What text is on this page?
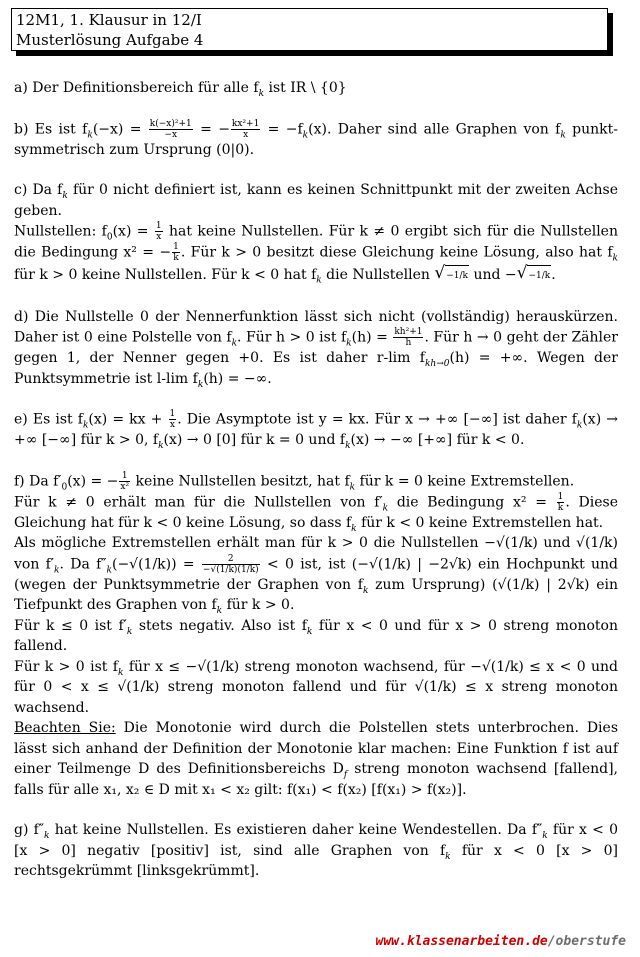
12M1, 1. Klausur in 12/I
Musterlösung Aufgabe 4

a) Der Definitionsbereich für alle $f_k$ ist IR \ {0}

b) Es ist $f_k(-x) = \frac{\text{k(−x)²+1}}{-x}$ = − $\frac{\text{kx²+1}}{x} = -f_k(x)$. Daher sind alle Graphen von $f_k$ punkt-symmetrisch zum Ursprung (0|0).

c) Da $f_k$ für 0 nicht definiert ist, kann es keinen Schnittpunkt mit der zweiten Achse geben.
Nullstellen: $f_0(x) = \frac{1}{x}$ hat keine Nullstellen. Für k ≠ 0 ergibt sich für die Nullstellen die Bedingung x² = − $\frac{1}{k}$ . Für k > 0 besitzt diese Gleichung keine Lösung, also hat $f_k$ für k > 0 keine Nullstellen. Für k < 0 hat $f_k$ die Nullstellen √−1/k und −√−1/k.

d) Die Nullstelle 0 der Nennerfunktion lässt sich nicht (vollständig) herauskürzen. Daher ist 0 eine Polstelle von $f_k$. Für h > 0 ist $f_k(h) = \frac{\text{kh²+1}}{h}$ . Für h → 0 geht der Zähler gegen 1, der Nenner gegen +0. Es ist daher r-lim $f_{kh\to 0}(h)$ = +∞. Wegen der Punktsymmetrie ist l-lim $f_k(h)$ = −∞.

e) Es ist $f_k(x)$ = kx + $\frac{1}{x}$ . Die Asymptote ist y = kx. Für x → +∞ [−∞] ist daher $f_k(x)$ → +∞ [−∞] für k > 0, $f_k(x) \to 0$ [0] für k = 0 und $f_k(x)$ → −∞ [+∞] für k < 0.

f) Da $f'_0(x)$ = − $\frac{1}{\text{x²}}$ keine Nullstellen besitzt, hat $f_k$ für k = 0 keine Extremstellen.
Für k ≠ 0 erhält man für die Nullstellen von $f'_k$ die Bedingung $x^2 = \frac{1}{k}$ . Diese Gleichung hat für k < 0 keine Lösung, so dass $f_k$ für k < 0 keine Extremstellen hat.
Als mögliche Extremstellen erhält man für k > 0 die Nullstellen −√(1/k) und √(1/k) von $f'_k$. Da $f''_k(-√(1/k)) = \frac{2}{-√(1/k)(1/k)} < 0$ ist, ist (−√(1/k) | −2√k) ein Hochpunkt und (wegen der Punktsymmetrie der Graphen von $f_k$ zum Ursprung) (√(1/k) | 2√k) ein Tiefpunkt des Graphen von $f_k$ für k > 0.
Für k ≤ 0 ist $f'_k$ stets negativ. Also ist $f_k$ für x < 0 und für x > 0 streng monoton fallend.
Für k > 0 ist $f_k$ für x ≤ −√(1/k) streng monoton wachsend, für −√(1/k) ≤ x < 0 und für 0 < x ≤ √(1/k) streng monoton fallend und für √(1/k) ≤ x streng monoton wachsend.
Beachten Sie: Die Monotonie wird durch die Polstellen stets unterbrochen. Dies lässt sich anhand der Definition der Monotonie klar machen: Eine Funktion f ist auf einer Teilmenge D des Definitionsbereichs $D_f$ streng monoton wachsend [fallend], falls für alle x₁, x₂ ∈ D mit x₁ < x₂ gilt: f(x₁) < f(x₂) [f(x₁) > f(x₂)].

g) $f''_k$ hat keine Nullstellen. Es existieren daher keine Wendestellen. Da $f''_k$ für x < 0 [x > 0] negativ [positiv] ist, sind alle Graphen von $f_k$ für x < 0 [x > 0] rechtsgekrümmt [linksgekrümmt].

www.klassenarbeiten.de/oberstufe
